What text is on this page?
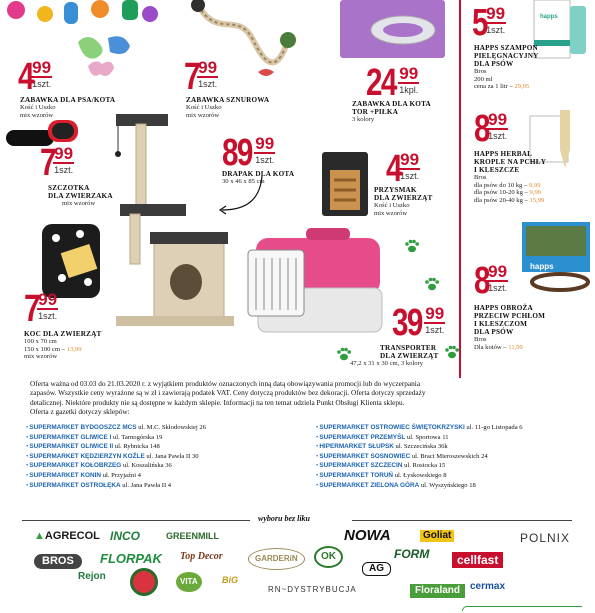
happs
happs
4 99
1szt.
ZABAWKA DLA PSA/KOTA
Kość i Uszko
mix wzorów
7 99
1szt.
ZABAWKA SZNUROWA
Kość i Uszko
mix wzorów
24 99
1kpl.
ZABAWKA DLA KOTA
TOR +PIŁKA
3 kolory
5 99
1szt.
HAPPS SZAMPON
PIELĘGNACYJNY
DLA PSÓW
Bros
200 ml
cena za 1 litr – 29,95
7 99
1szt.
SZCZOTKA
DLA ZWIERZAKA
mix wzorów
89 99
1szt.
DRAPAK DLA KOTA
30 x 46 x 85 cm	4 99
1szt.
PRZYSMAK
DLA ZWIERZĄT
Kość i Uszko
mix wzorów
8 99
1szt.
HAPPS HERBAL
KROPLE NA PCHŁY
I KLESZCZE
Bros
dla psów do 10 kg – 9,99
dla psów 10-20 kg – 9,99
dla psów 20-40 kg – 15,99
7 99
1szt.
KOC DLA ZWIERZĄT
100 x 70 cm
150 x 100 cm – 13,99
mix wzorów
39 99
1szt.
TRANSPORTER
DLA ZWIERZĄT
47,2 x 31 x 30 cm, 3 kolory
8 99
1szt.
HAPPS OBROŻA
PRZECIW PCHŁOM
I KLESZCZOM
DLA PSÓW
Bros
Dla kotów – 11,99
Oferta ważna od 03.03 do 21.03.2020 r. z wyjątkiem produktów oznaczonych inną datą obowiązywania promocji lub do wyczerpania
zapasów. Wszystkie ceny wyrażone są w zł i zawierają podatek VAT. Ceny dotyczą produktów bez dekoracji. Oferta dotyczy sprzedaży
detalicznej. Niektóre produkty nie są dostępne w każdym sklepie. Informacji na ten temat udziela Punkt Obsługi Klienta sklepu.
Oferta z gazetki dotyczy sklepów:
•SUPERMARKET BYDGOSZCZ MCS ul. M.C. Skłodowskiej 26
•SUPERMARKET GLIWICE I ul. Tarnogórska 19
•SUPERMARKET GLIWICE II ul. Rybnicka 148
•SUPERMARKET KĘDZIERZYN KOŹLE ul. Jana Pawła II 30
•SUPERMARKET KOŁOBRZEG ul. Koszalińska 36
•SUPERMARKET KONIN ul. Przyjaźni 4
•SUPERMARKET OSTROŁĘKA ul. Jana Pawła II 4
•SUPERMARKET OSTROWIEC ŚWIĘTOKRZYSKI ul. 11-go Listopada 6
•SUPERMARKET PRZEMYŚL ul. Sportowa 11
•HIPERMARKET SŁUPSK ul. Szczecińska 36k
•SUPERMARKET SOSNOWIEC ul. Braci Mieroszewskich 24
•SUPERMARKET SZCZECIN ul. Rostocka 15
•SUPERMARKET TORUŃ ul. Łyskowskiego 8
•SUPERMARKET ZIELONA GÓRA ul. Wyszyńskiego 18
wyboru bez liku
▲AGRECOL INCO	GREENMILL	NOWA	Goliat	POLNIX
BROS	FLORPAK Top Decor	GARDERiN	OK
AG
FORM	cellfast
Rejon	VITA	BiG
RN~DYSTRYBUCJA	Floraland cermax
